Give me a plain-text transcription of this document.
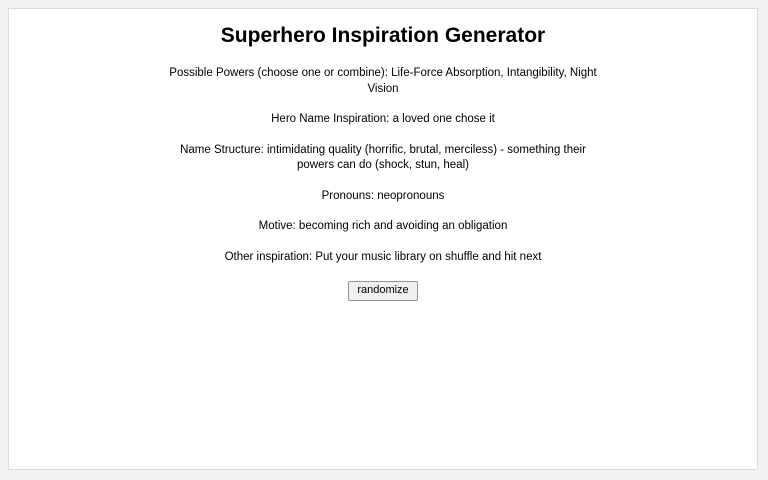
Superhero Inspiration Generator

Possible Powers (choose one or combine): Life-Force Absorption, Intangibility, Night Vision

Hero Name Inspiration: a loved one chose it

Name Structure: intimidating quality (horrific, brutal, merciless) - something their powers can do (shock, stun, heal)

Pronouns: neopronouns

Motive: becoming rich and avoiding an obligation

Other inspiration: Put your music library on shuffle and hit next

randomize
